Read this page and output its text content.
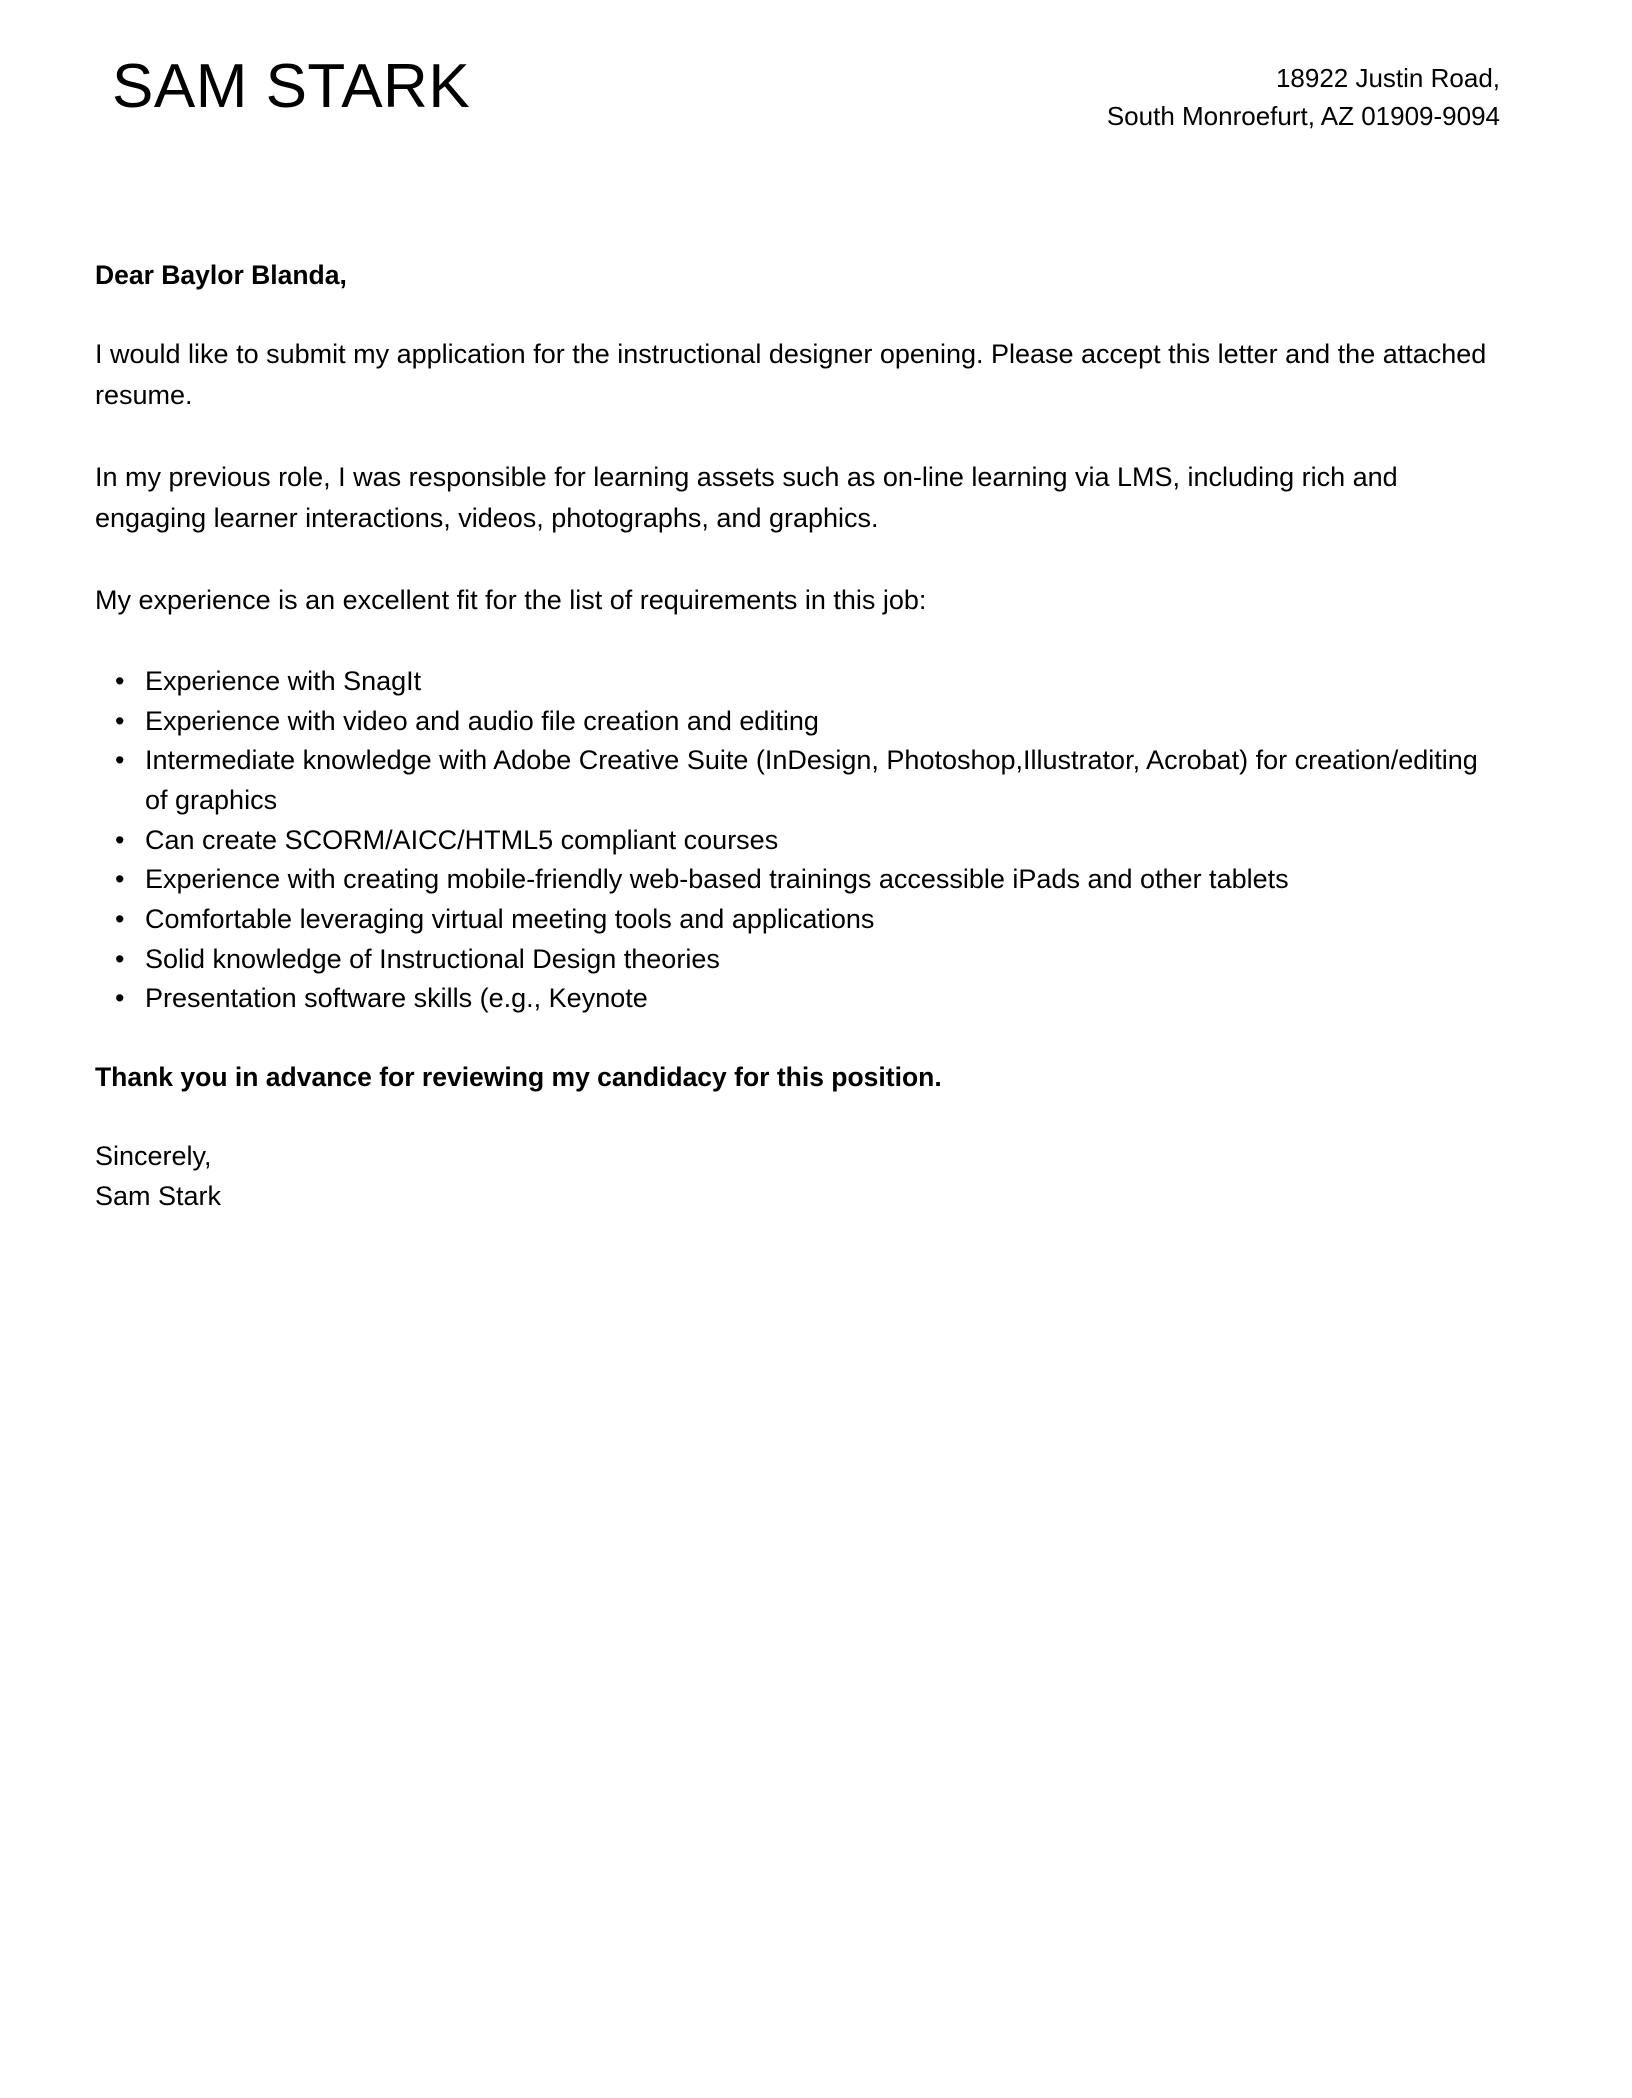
SAM STARK	18922 Justin Road,
South Monroefurt, AZ 01909-9094

Dear Baylor Blanda,

I would like to submit my application for the instructional designer opening. Please accept this letter and the attached resume.

In my previous role, I was responsible for learning assets such as on-line learning via LMS, including rich and engaging learner interactions, videos, photographs, and graphics.

My experience is an excellent fit for the list of requirements in this job:

• Experience with SnagIt
• Experience with video and audio file creation and editing
• Intermediate knowledge with Adobe Creative Suite (InDesign, Photoshop,Illustrator, Acrobat) for creation/editing of graphics
• Can create SCORM/AICC/HTML5 compliant courses
• Experience with creating mobile-friendly web-based trainings accessible iPads and other tablets
• Comfortable leveraging virtual meeting tools and applications
• Solid knowledge of Instructional Design theories
• Presentation software skills (e.g., Keynote

Thank you in advance for reviewing my candidacy for this position.

Sincerely,
Sam Stark
